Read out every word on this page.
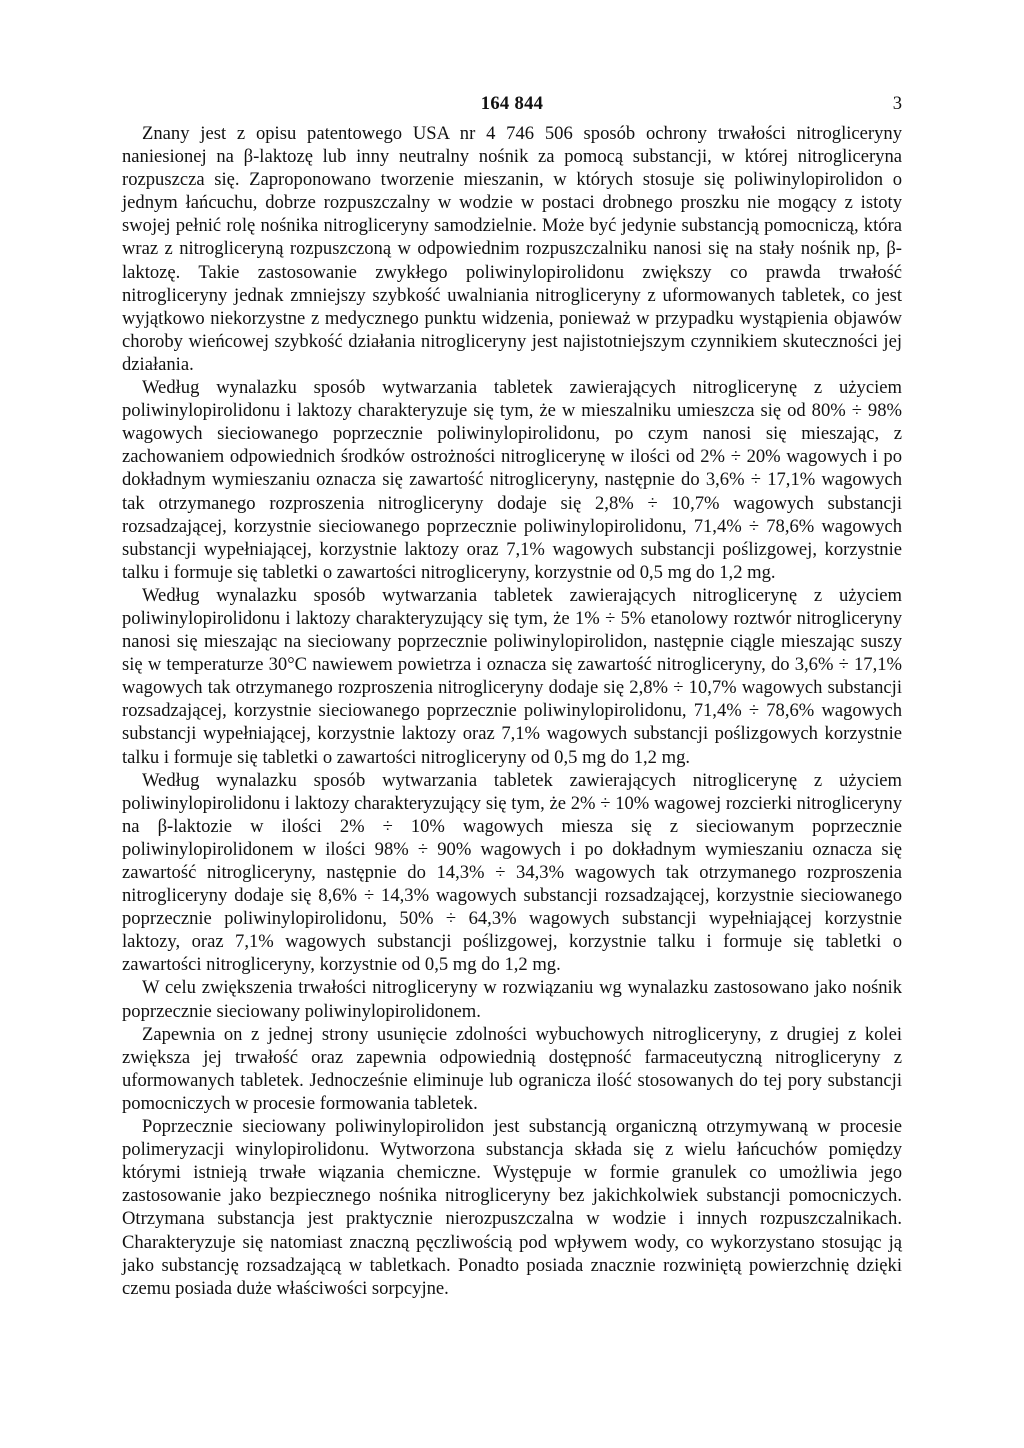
164 844	3

Znany jest z opisu patentowego USA nr 4 746 506 sposób ochrony trwałości nitrogliceryny naniesionej na β-laktozę lub inny neutralny nośnik za pomocą substancji, w której nitrogliceryna rozpuszcza się. Zaproponowano tworzenie mieszanin, w których stosuje się poliwinylopirolidon o jednym łańcuchu, dobrze rozpuszczalny w wodzie w postaci drobnego proszku nie mogący z istoty swojej pełnić rolę nośnika nitrogliceryny samodzielnie. Może być jedynie substancją pomocniczą, która wraz z nitrogliceryną rozpuszczoną w odpowiednim rozpuszczalniku nanosi się na stały nośnik np, β-laktozę. Takie zastosowanie zwykłego poliwinylopirolidonu zwiększy co prawda trwałość nitrogliceryny jednak zmniejszy szybkość uwalniania nitrogliceryny z uformowanych tabletek, co jest wyjątkowo niekorzystne z medycznego punktu widzenia, ponieważ w przypadku wystąpienia objawów choroby wieńcowej szybkość działania nitrogliceryny jest najistotniejszym czynnikiem skuteczności jej działania.

Według wynalazku sposób wytwarzania tabletek zawierających nitroglicerynę z użyciem poliwinylopirolidonu i laktozy charakteryzuje się tym, że w mieszalniku umieszcza się od 80% ÷ 98% wagowych sieciowanego poprzecznie poliwinylopirolidonu, po czym nanosi się mieszając, z zachowaniem odpowiednich środków ostrożności nitroglicerynę w ilości od 2% ÷ 20% wagowych i po dokładnym wymieszaniu oznacza się zawartość nitrogliceryny, następnie do 3,6% ÷ 17,1% wagowych tak otrzymanego rozproszenia nitrogliceryny dodaje się 2,8% ÷ 10,7% wagowych substancji rozsadzającej, korzystnie sieciowanego poprzecznie poliwinylopirolidonu, 71,4% ÷ 78,6% wagowych substancji wypełniającej, korzystnie laktozy oraz 7,1% wagowych substancji poślizgowej, korzystnie talku i formuje się tabletki o zawartości nitrogliceryny, korzystnie od 0,5 mg do 1,2 mg.

Według wynalazku sposób wytwarzania tabletek zawierających nitroglicerynę z użyciem poliwinylopirolidonu i laktozy charakteryzujący się tym, że 1% ÷ 5% etanolowy roztwór nitrogliceryny nanosi się mieszając na sieciowany poprzecznie poliwinylopirolidon, następnie ciągle mieszając suszy się w temperaturze 30°C nawiewem powietrza i oznacza się zawartość nitrogliceryny, do 3,6% ÷ 17,1% wagowych tak otrzymanego rozproszenia nitrogliceryny dodaje się 2,8% ÷ 10,7% wagowych substancji rozsadzającej, korzystnie sieciowanego poprzecznie poliwinylopirolidonu, 71,4% ÷ 78,6% wagowych substancji wypełniającej, korzystnie laktozy oraz 7,1% wagowych substancji poślizgowych korzystnie talku i formuje się tabletki o zawartości nitrogliceryny od 0,5 mg do 1,2 mg.

Według wynalazku sposób wytwarzania tabletek zawierających nitroglicerynę z użyciem poliwinylopirolidonu i laktozy charakteryzujący się tym, że 2% ÷ 10% wagowej rozcierki nitrogliceryny na β-laktozie w ilości 2% ÷ 10% wagowych miesza się z sieciowanym poprzecznie poliwinylopirolidonem w ilości 98% ÷ 90% wagowych i po dokładnym wymieszaniu oznacza się zawartość nitrogliceryny, następnie do 14,3% ÷ 34,3% wagowych tak otrzymanego rozproszenia nitrogliceryny dodaje się 8,6% ÷ 14,3% wagowych substancji rozsadzającej, korzystnie sieciowanego poprzecznie poliwinylopirolidonu, 50% ÷ 64,3% wagowych substancji wypełniającej korzystnie laktozy, oraz 7,1% wagowych substancji poślizgowej, korzystnie talku i formuje się tabletki o zawartości nitrogliceryny, korzystnie od 0,5 mg do 1,2 mg.

W celu zwiększenia trwałości nitrogliceryny w rozwiązaniu wg wynalazku zastosowano jako nośnik poprzecznie sieciowany poliwinylopirolidonem.

Zapewnia on z jednej strony usunięcie zdolności wybuchowych nitrogliceryny, z drugiej z kolei zwiększa jej trwałość oraz zapewnia odpowiednią dostępność farmaceutyczną nitrogliceryny z uformowanych tabletek. Jednocześnie eliminuje lub ogranicza ilość stosowanych do tej pory substancji pomocniczych w procesie formowania tabletek.

Poprzecznie sieciowany poliwinylopirolidon jest substancją organiczną otrzymywaną w procesie polimeryzacji winylopirolidonu. Wytworzona substancja składa się z wielu łańcuchów pomiędzy którymi istnieją trwałe wiązania chemiczne. Występuje w formie granulek co umożliwia jego zastosowanie jako bezpiecznego nośnika nitrogliceryny bez jakichkolwiek substancji pomocniczych. Otrzymana substancja jest praktycznie nierozpuszczalna w wodzie i innych rozpuszczalnikach. Charakteryzuje się natomiast znaczną pęczliwością pod wpływem wody, co wykorzystano stosując ją jako substancję rozsadzającą w tabletkach. Ponadto posiada znacznie rozwiniętą powierzchnię dzięki czemu posiada duże właściwości sorpcyjne.
